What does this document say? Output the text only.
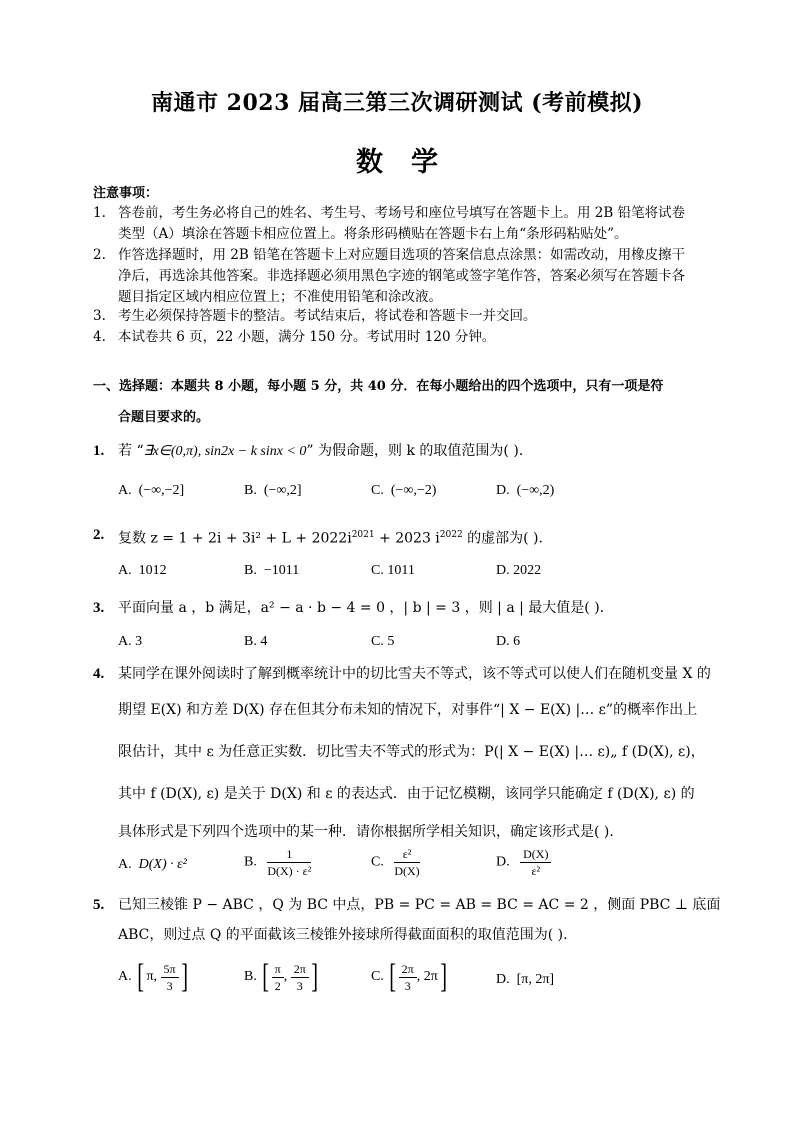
南通市 2023 届高三第三次调研测试 (考前模拟)
数学
注意事项：
1. 答卷前，考生务必将自己的姓名、考生号、考场号和座位号填写在答题卡上。用 2B 铅笔将试卷
类型（A）填涂在答题卡相应位置上。将条形码横贴在答题卡右上角“条形码粘贴处”。
2. 作答选择题时，用 2B 铅笔在答题卡上对应题目选项的答案信息点涂黑：如需改动，用橡皮擦干
净后，再选涂其他答案。非选择题必须用黑色字迹的钢笔或签字笔作答，答案必须写在答题卡各
题目指定区域内相应位置上；不准使用铅笔和涂改液。
3. 考生必须保持答题卡的整洁。考试结束后，将试卷和答题卡一并交回。
4. 本试卷共 6 页，22 小题，满分 150 分。考试用时 120 分钟。
一、选择题：本题共 8 小题，每小题 5 分，共 40 分．在每小题给出的四个选项中，只有一项是符
合题目要求的。
1. 若 “∃x∈(0,π), sin2x − k sinx < 0” 为假命题，则 k 的取值范围为( ).
A. (−∞,−2]	B. (−∞,2]	C. (−∞,−2)	D. (−∞,2)
2. 复数 $z = 1 + 2i + 3i^2 + L + 2022i^{2021} + 2023$ $i^{2022}$ 的虚部为( ).
A. 1012	B. −1011	C. 1011	D. 2022
3. 平面向量 a ，b 满足，a² − a · b − 4 = 0 ，| b | = 3 ，则 | a | 最大值是( ).
A. 3	B. 4	C. 5	D. 6
4. 某同学在课外阅读时了解到概率统计中的切比雪夫不等式，该不等式可以使人们在随机变量 X 的
期望 E(X) 和方差 D(X) 存在但其分布未知的情况下，对事件“| X − E(X) |… ε”的概率作出上
限估计，其中 ε 为任意正实数．切比雪夫不等式的形式为：P(| X − E(X) |… ε)„ f (D(X), ε)，
其中 f (D(X), ε) 是关于 D(X) 和 ε 的表达式．由于记忆模糊，该同学只能确定 f (D(X), ε) 的
具体形式是下列四个选项中的某一种．请你根据所学相关知识，确定该形式是( ).
A. D(X) · ε²	B. $\frac{1}{\text{D(X) · ε²}}$	C. $\frac{\text{ε²}}{D(X)}$	D. $\frac{D(X)}{\text{ε²}}$
5. 已知三棱锥 P − ABC ，Q 为 BC 中点，PB = PC = AB = BC = AC = 2 ，侧面 PBC ⊥ 底面
ABC，则过点 Q 的平面截该三棱锥外接球所得截面面积的取值范围为( ).
A. [ π, $\frac{5\pi}{3}$ ]	B. [ $\frac{\pi}{2}$ , $\frac{2\pi}{3}$ ]	C. [ $\frac{2\pi}{3}$ , 2π]	D. [π, 2π]
